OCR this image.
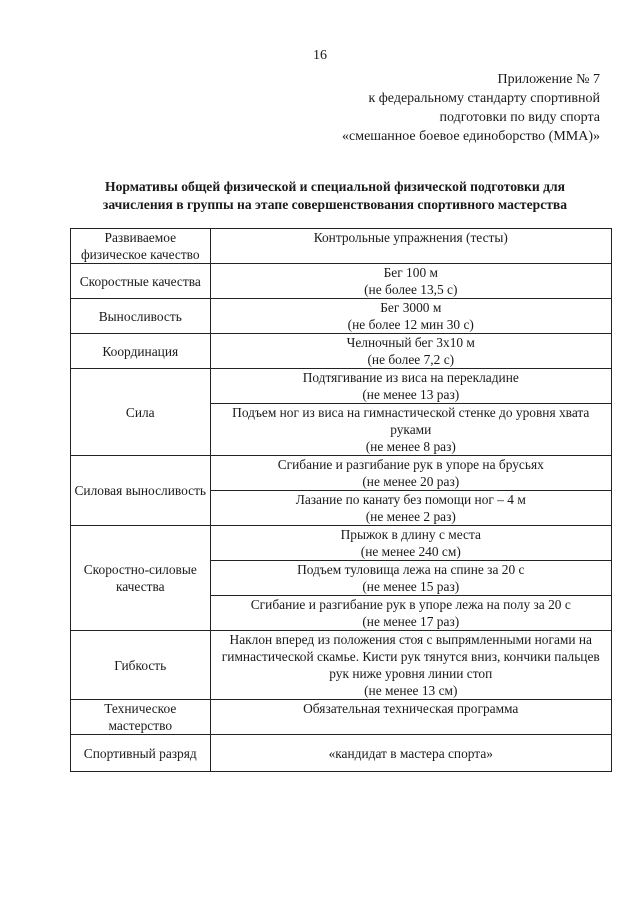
16
Приложение № 7
к федеральному стандарту спортивной
подготовки по виду спорта
«смешанное боевое единоборство (ММА)»
Нормативы общей физической и специальной физической подготовки для
зачисления в группы на этапе совершенствования спортивного мастерства
Развиваемое физическое качество	Контрольные упражнения (тесты)
Скоростные качества	Бег 100 м
(не более 13,5 с)

Выносливость	Бег 3000 м
(не более 12 мин 30 с)

Координация	Челночный бег 3х10 м
(не более 7,2 с)

Сила	Подтягивание из виса на перекладине
(не менее 13 раз)

	Подъем ног из виса на гимнастической стенке до уровня хвата руками
(не менее 8 раз)

Силовая выносливость	Сгибание и разгибание рук в упоре на брусьях
(не менее 20 раз)

	Лазание по канату без помощи ног – 4 м
(не менее 2 раз)

Скоростно-силовые качества	Прыжок в длину с места
(не менее 240 см)

	Подъем туловища лежа на спине за 20 с
(не менее 15 раз)

	Сгибание и разгибание рук в упоре лежа на полу за 20 с
(не менее 17 раз)

Гибкость	Наклон вперед из положения стоя с выпрямленными ногами на гимнастической скамье. Кисти рук тянутся вниз, кончики пальцев рук ниже уровня линии стоп
(не менее 13 см)

Техническое мастерство	Обязательная техническая программа

Спортивный разряд	«кандидат в мастера спорта»
